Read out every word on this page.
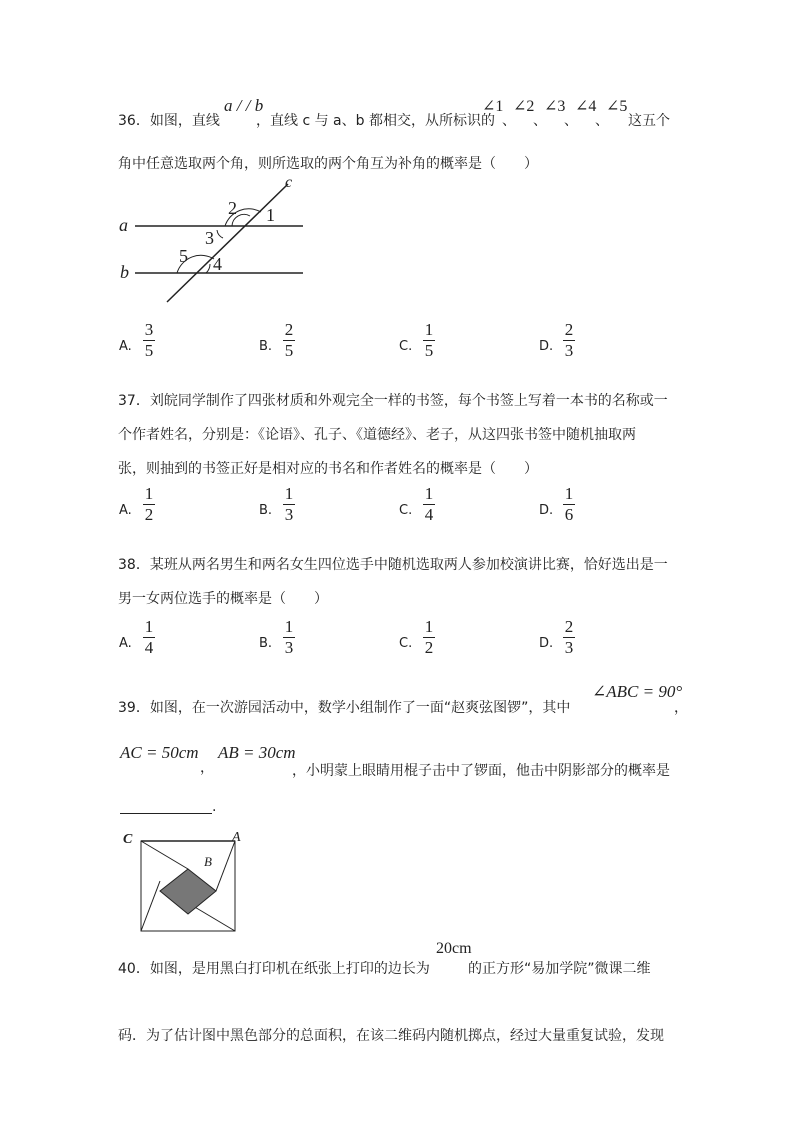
36．如图，直线
a / / b
，直线 c 与 a、b 都相交，从所标识的
∠1
、
∠2
、
∠3
、
∠4
、
∠5
这五个
角中任意选取两个角，则所选取的两个角互为补角的概率是（　　）
a
b
c
2 1
3
5 4
A.
3
5	B.
2
5	C.
1
5	D.
2
3
37．刘皖同学制作了四张材质和外观完全一样的书签，每个书签上写着一本书的名称或一
个作者姓名，分别是：《论语》、孔子、《道德经》、老子，从这四张书签中随机抽取两
张，则抽到的书签正好是相对应的书名和作者姓名的概率是（　　）
A.
1
2	B.
1
3	C.
1
4	D.
1
6
38．某班从两名男生和两名女生四位选手中随机选取两人参加校演讲比赛，恰好选出是一
男一女两位选手的概率是（　　）
A.
1
4	B.
1
3	C.
1
2	D.
2
3
39．如图，在一次游园活动中，数学小组制作了一面“赵爽弦图锣”，其中
∠ABC = 90°
，
AC = 50cm
，
AB = 30cm
，小明蒙上眼睛用棍子击中了锣面，他击中阴影部分的概率是
.
C	A
B
40．如图，是用黑白打印机在纸张上打印的边长为
20cm
的正方形“易加学院”微课二维
码．为了估计图中黑色部分的总面积，在该二维码内随机掷点，经过大量重复试验，发现
